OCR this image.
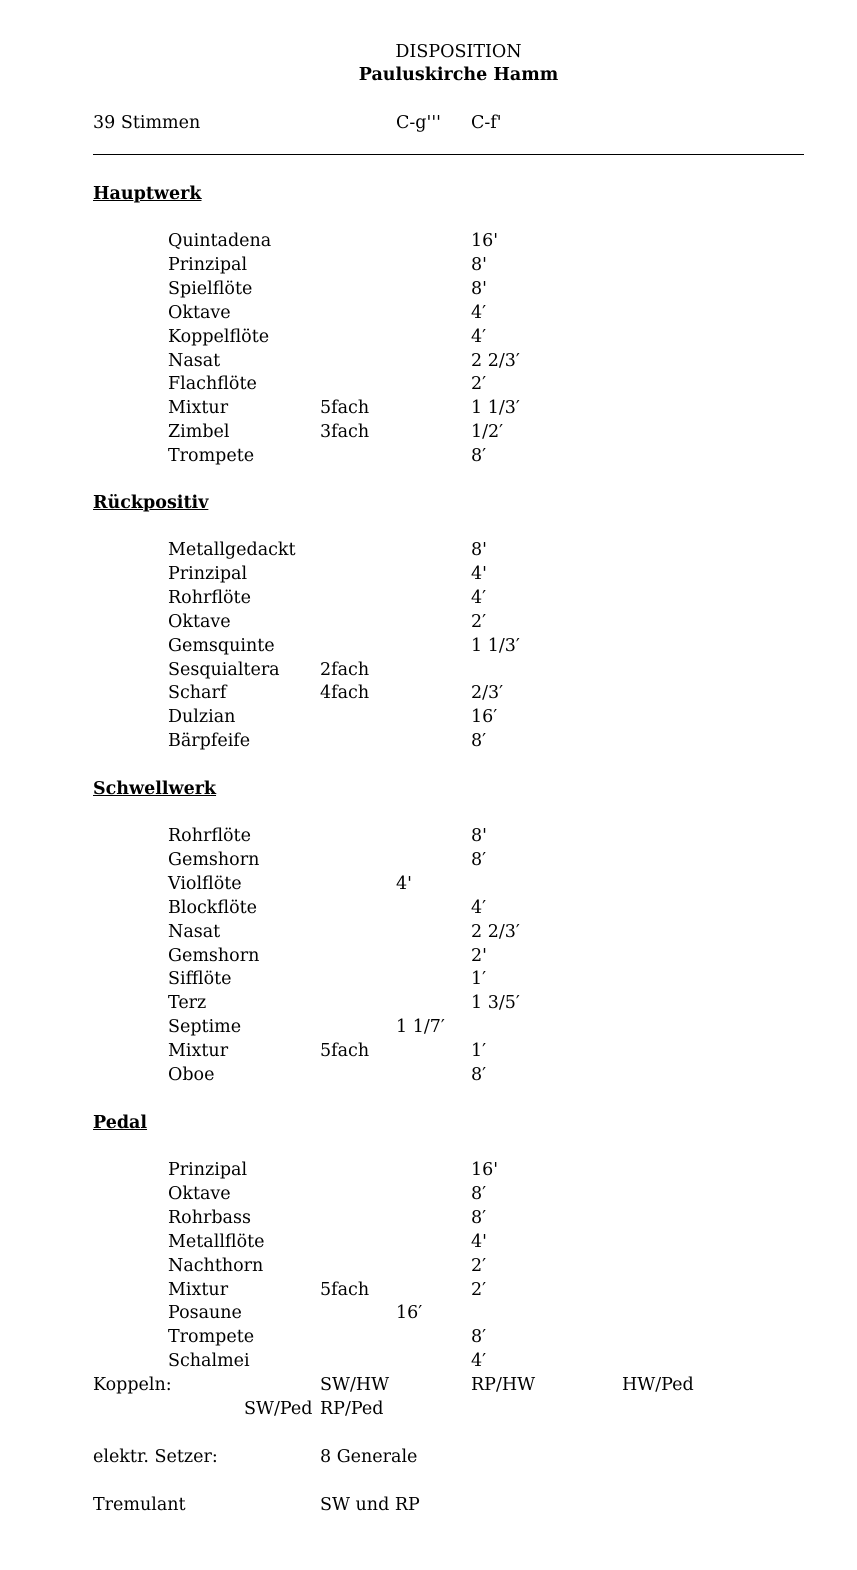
DISPOSITION
Pauluskirche Hamm
39 Stimmen	C-g''' C-f'
Hauptwerk
Quintadena	16'
Prinzipal	8'
Spielflöte	8'
Oktave	4′
Koppelflöte	4′
Nasat	2 2/3′
Flachflöte	2′
Mixtur	5fach	1 1/3′
Zimbel	3fach	1/2′
Trompete	8′
Rückpositiv
Metallgedackt	8'
Prinzipal	4'
Rohrflöte	4′
Oktave	2′
Gemsquinte	1 1/3′
Sesquialtera 2fach
Scharf	4fach	2/3′
Dulzian	16′
Bärpfeife	8′
Schwellwerk
Rohrflöte	8'
Gemshorn	8′
Violflöte	4'
Blockflöte	4′
Nasat	2 2/3′
Gemshorn	2'
Sifflöte	1′
Terz	1 3/5′
Septime	1 1/7′
Mixtur	5fach	1′
Oboe	8′
Pedal
Prinzipal	16'
Oktave	8′
Rohrbass	8′
Metallflöte	4'
Nachthorn	2′
Mixtur	5fach	2′
Posaune	16′
Trompete	8′
Schalmei	4′
Koppeln:	SW/HW	RP/HW	HW/Ped
SW/Ped RP/Ped
elektr. Setzer:	8 Generale
Tremulant	SW und RP
